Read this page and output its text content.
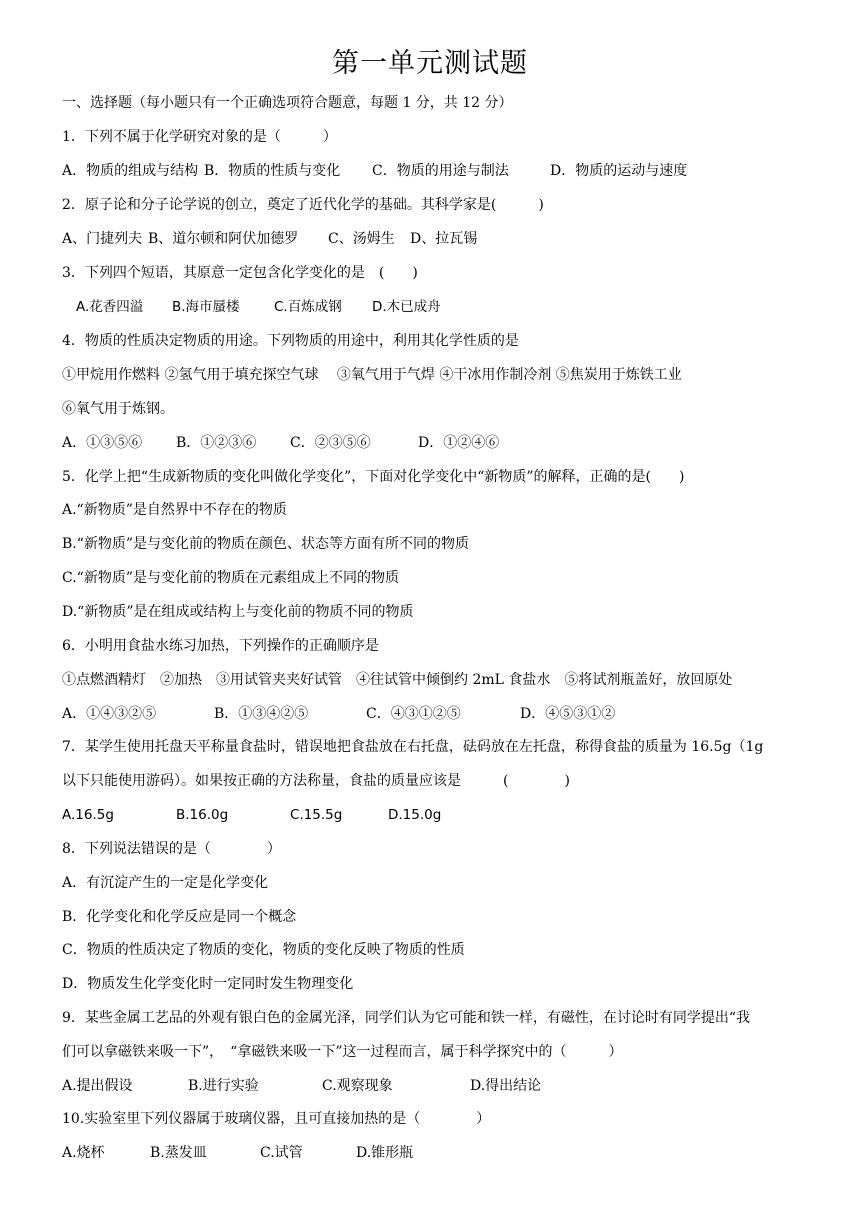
第一单元测试题
一、选择题（每小题只有一个正确选项符合题意，每题 1 分，共 12 分）
1．下列不属于化学研究对象的是（　　　）
A．物质的组成与结构 B．物质的性质与变化 C．物质的用途与制法	D．物质的运动与速度
2．原子论和分子论学说的创立，奠定了近代化学的基础。其科学家是(　　　)
A、门捷列夫 B、道尔顿和阿伏加德罗 C、汤姆生 D、拉瓦锡
3．下列四个短语，其原意一定包含化学变化的是　(　　)
A.花香四溢 B.海市蜃楼	C.百炼成钢 D.木已成舟
4．物质的性质决定物质的用途。下列物质的用途中，利用其化学性质的是
①甲烷用作燃料 ②氢气用于填充探空气球　 ③氧气用于气焊 ④干冰用作制冷剂 ⑤焦炭用于炼铁工业
⑥氧气用于炼钢。
A．①③⑤⑥ B．①②③⑥ C．②③⑤⑥	D．①②④⑥
5．化学上把“生成新物质的变化叫做化学变化”，下面对化学变化中“新物质”的解释，正确的是(　　)
A.“新物质”是自然界中不存在的物质
B.“新物质”是与变化前的物质在颜色、状态等方面有所不同的物质
C.“新物质”是与变化前的物质在元素组成上不同的物质
D.“新物质”是在组成或结构上与变化前的物质不同的物质
6．小明用食盐水练习加热，下列操作的正确顺序是
①点燃酒精灯　②加热　③用试管夹夹好试管　④往试管中倾倒约 2mL 食盐水　⑤将试剂瓶盖好，放回原处
A．①④③②⑤	B．①③④②⑤	C．④③①②⑤	D．④⑤③①②
7．某学生使用托盘天平称量食盐时，错误地把食盐放在右托盘，砝码放在左托盘，称得食盐的质量为 16.5g（1g
以下只能使用游码）。如果按正确的方法称量，食盐的质量应该是　　　(　　　　)
A.16.5g	B.16.0g	C.15.5g	D.15.0g
8．下列说法错误的是（　　　　）
A．有沉淀产生的一定是化学变化
B．化学变化和化学反应是同一个概念
C．物质的性质决定了物质的变化，物质的变化反映了物质的性质
D．物质发生化学变化时一定同时发生物理变化
9．某些金属工艺品的外观有银白色的金属光泽，同学们认为它可能和铁一样，有磁性，在讨论时有同学提出“我
们可以拿磁铁来吸一下”，　“拿磁铁来吸一下”这一过程而言，属于科学探究中的（　　　）
A.提出假设	B.进行实验	C.观察现象	D.得出结论
10.实验室里下列仪器属于玻璃仪器，且可直接加热的是（　　　　）
A.烧杯	B.蒸发皿	C.试管	D.锥形瓶
